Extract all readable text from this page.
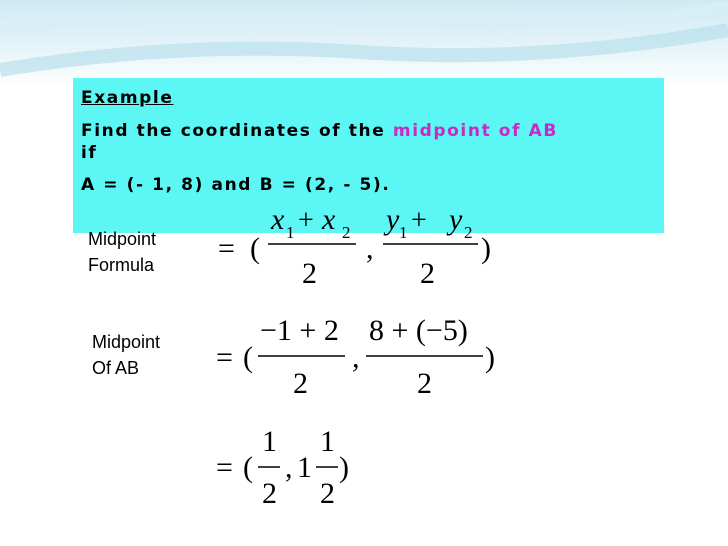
Example

Find the coordinates of the midpoint of AB

if

A = (- 1, 8) and B = (2, - 5).

Midpoint
Formula
Midpoint
Of AB
= (
x 1 + x 2
2
,
y 1 + y 2
2
)
= (
−1 + 2
2
,
8 + (−5)
2
)
= (
1
2
, 1
1
2
)
